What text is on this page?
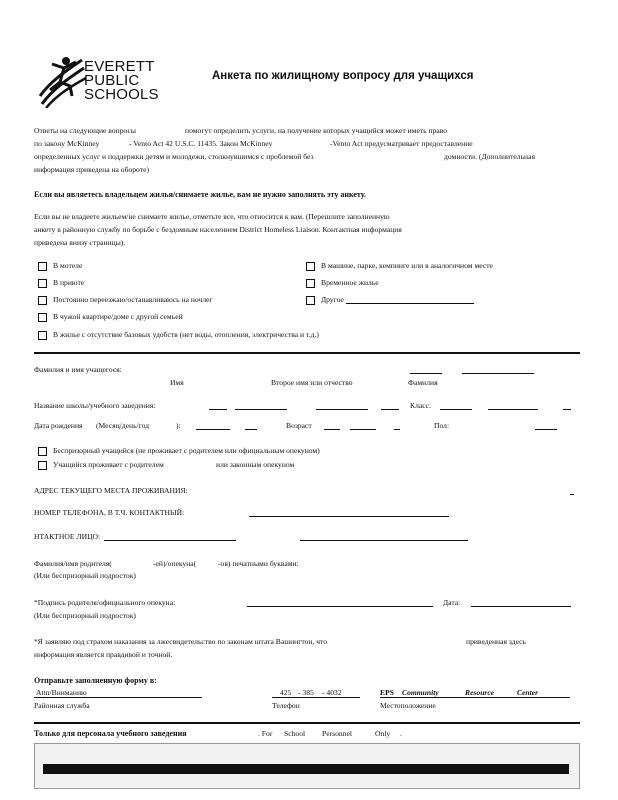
EVERETT
PUBLIC
SCHOOLS
Анкета по жилищному вопросу для учащихся
Ответы на следующие вопросы	помогут определить услуги, на получение которых учащийся может иметь право
по закону McKinney	- Vento Act 42 U.S.C. 11435. Закон McKinney	-Vento Act предусматривает предоставление
определенных услуг и поддержки детям и молодежи, столкнувшимся с проблемой без	домности. (Дополнительная
информация приведена на обороте)
Если вы являетесь владельцем жилья/снимаете жилье, вам не нужно заполнять эту анкету.
Если вы не владеете жильем/не снимаете жилье, отметьте все, что относится к вам. (Перешлите заполненную
анкету в районную службу по борьбе с бездомным населением District Homeless Liaison. Контактная информация
приведена внизу страницы).
В мотеле
В приюте
Постоянно переезжаю/останавливаюсь на ночлег
В чужой квартире/доме с другой семьей
В жилье с отсутствие базовых удобств (нет воды, отопления, электричества и т.д.)
В машине, парке, кемпинге или в аналогичном месте
Временное жилье
Другое
Фамилия и имя учащегося:
Имя	Второе имя или отчество	Фамилия
Название школы/учебного заведения:	Класс:
Дата рождения (Месяц/день/год	):	Возраст	Пол:
Беспризорный учащийся (не проживает с родителем или официальным опекуном)
Учащийся проживает с родителем	или законным опекуном
АДРЕС ТЕКУЩЕГО МЕСТА ПРОЖИВАНИЯ:
НОМЕР ТЕЛЕФОНА, В Т.Ч. КОНТАКТНЫЙ:
НТАКТНОЕ ЛИЦО:
Фамилия/имя родителя(	-ей)/опекуна(	-ов) печатными буквами:
(Или беспризорный подросток)
*Подпись родителя/официального опекуна:	Дата:
(Или беспризорный подросток)
*Я заявляю под страхом наказания за лжесвидетельство по законам штата Вашингтон, что	приведенная здесь
информация является правдивой и точной.
Отправьте заполненную форму в:
Attn/Вниманию	425 - 385 - 4032	EPS Community	Resource	Center
Районная служба	Телефон	Местоположение
Только для персонала учебного заведения	. For School Personnel	Only .
